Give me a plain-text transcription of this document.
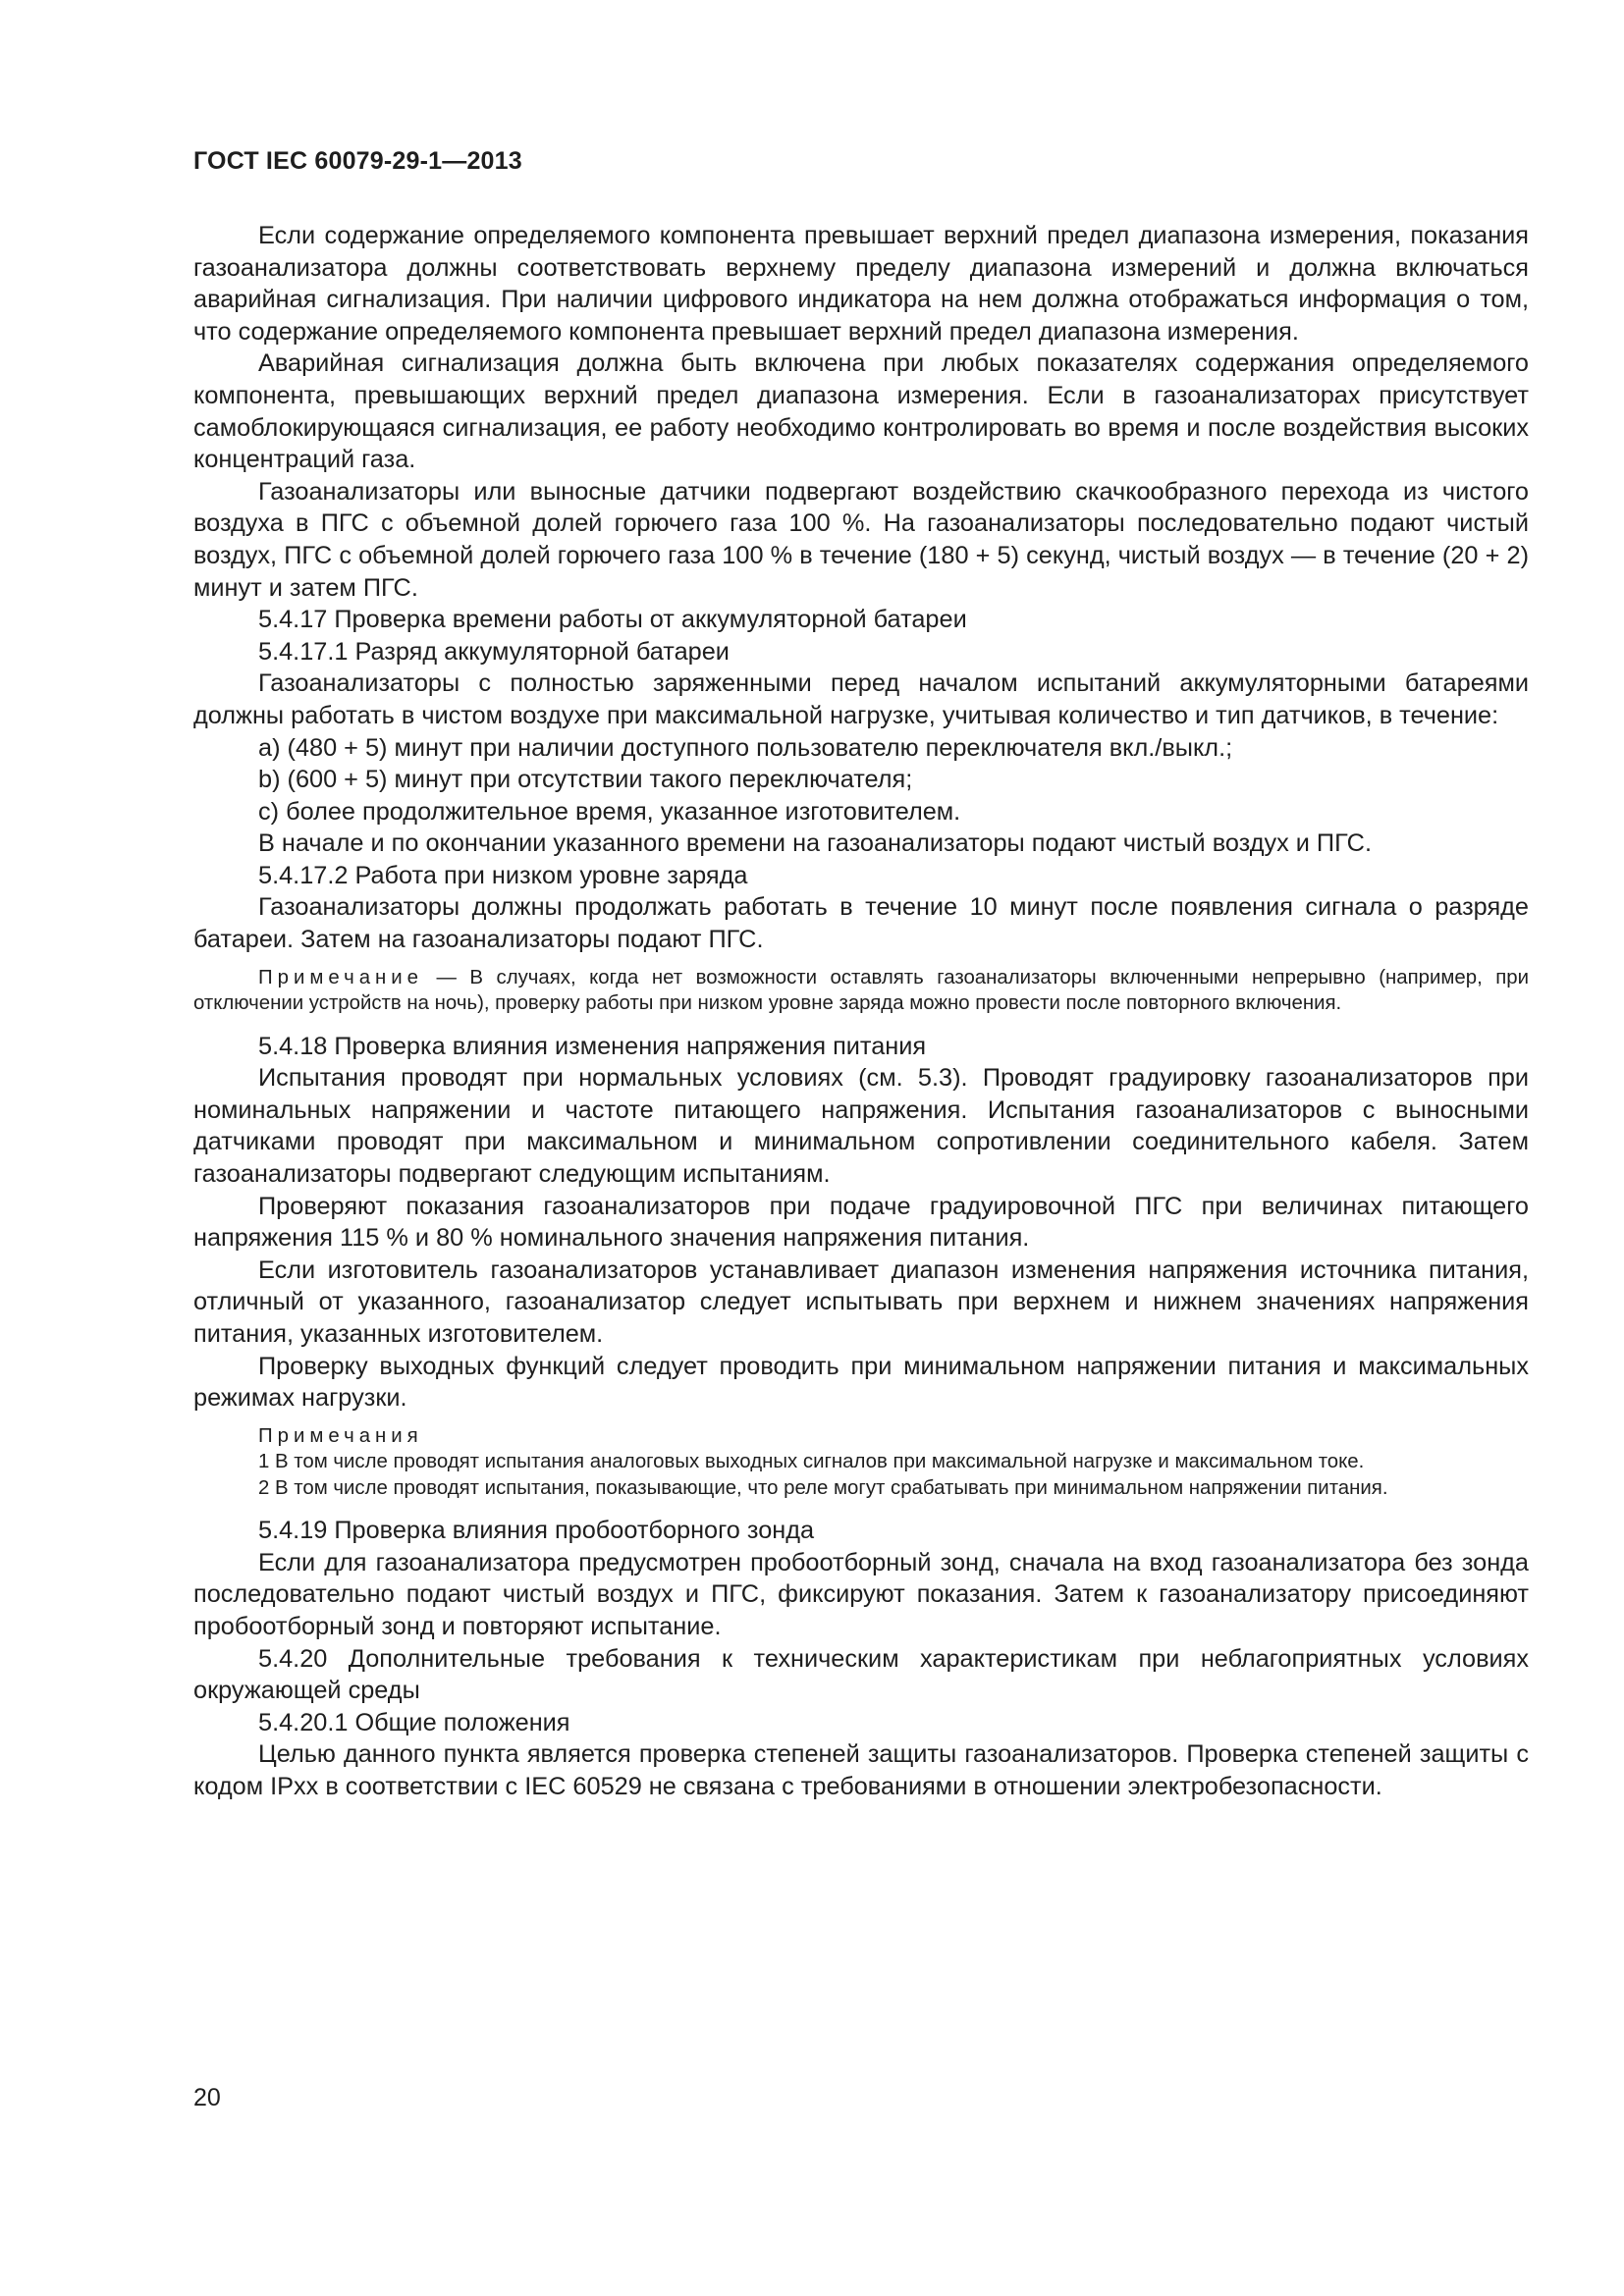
ГОСТ IEC 60079-29-1—2013

Если содержание определяемого компонента превышает верхний предел диапазона измерения, показания газоанализатора должны соответствовать верхнему пределу диапазона измерений и должна включаться аварийная сигнализация. При наличии цифрового индикатора на нем должна отображаться информация о том, что содержание определяемого компонента превышает верхний предел диапазона измерения.

Аварийная сигнализация должна быть включена при любых показателях содержания определяемого компонента, превышающих верхний предел диапазона измерения. Если в газоанализаторах присутствует самоблокирующаяся сигнализация, ее работу необходимо контролировать во время и после воздействия высоких концентраций газа.

Газоанализаторы или выносные датчики подвергают воздействию скачкообразного перехода из чистого воздуха в ПГС с объемной долей горючего газа 100 %. На газоанализаторы последовательно подают чистый воздух, ПГС с объемной долей горючего газа 100 % в течение (180 + 5) секунд, чистый воздух — в течение (20 + 2) минут и затем ПГС.

5.4.17 Проверка времени работы от аккумуляторной батареи

5.4.17.1 Разряд аккумуляторной батареи

Газоанализаторы с полностью заряженными перед началом испытаний аккумуляторными батареями должны работать в чистом воздухе при максимальной нагрузке, учитывая количество и тип датчиков, в течение:

a) (480 + 5) минут при наличии доступного пользователю переключателя вкл./выкл.;

b) (600 + 5) минут при отсутствии такого переключателя;

c) более продолжительное время, указанное изготовителем.

В начале и по окончании указанного времени на газоанализаторы подают чистый воздух и ПГС.

5.4.17.2 Работа при низком уровне заряда

Газоанализаторы должны продолжать работать в течение 10 минут после появления сигнала о разряде батареи. Затем на газоанализаторы подают ПГС.

Примечание — В случаях, когда нет возможности оставлять газоанализаторы включенными непрерывно (например, при отключении устройств на ночь), проверку работы при низком уровне заряда можно провести после повторного включения.

5.4.18 Проверка влияния изменения напряжения питания

Испытания проводят при нормальных условиях (см. 5.3). Проводят градуировку газоанализаторов при номинальных напряжении и частоте питающего напряжения. Испытания газоанализаторов с выносными датчиками проводят при максимальном и минимальном сопротивлении соединительного кабеля. Затем газоанализаторы подвергают следующим испытаниям.

Проверяют показания газоанализаторов при подаче градуировочной ПГС при величинах питающего напряжения 115 % и 80 % номинального значения напряжения питания.

Если изготовитель газоанализаторов устанавливает диапазон изменения напряжения источника питания, отличный от указанного, газоанализатор следует испытывать при верхнем и нижнем значениях напряжения питания, указанных изготовителем.

Проверку выходных функций следует проводить при минимальном напряжении питания и максимальных режимах нагрузки.

Примечания

1 В том числе проводят испытания аналоговых выходных сигналов при максимальной нагрузке и максимальном токе.

2 В том числе проводят испытания, показывающие, что реле могут срабатывать при минимальном напряжении питания.

5.4.19 Проверка влияния пробоотборного зонда

Если для газоанализатора предусмотрен пробоотборный зонд, сначала на вход газоанализатора без зонда последовательно подают чистый воздух и ПГС, фиксируют показания. Затем к газоанализатору присоединяют пробоотборный зонд и повторяют испытание.

5.4.20 Дополнительные требования к техническим характеристикам при неблагоприятных условиях окружающей среды

5.4.20.1 Общие положения

Целью данного пункта является проверка степеней защиты газоанализаторов. Проверка степеней защиты с кодом IPxx в соответствии с IEC 60529 не связана с требованиями в отношении электробезопасности.

20
